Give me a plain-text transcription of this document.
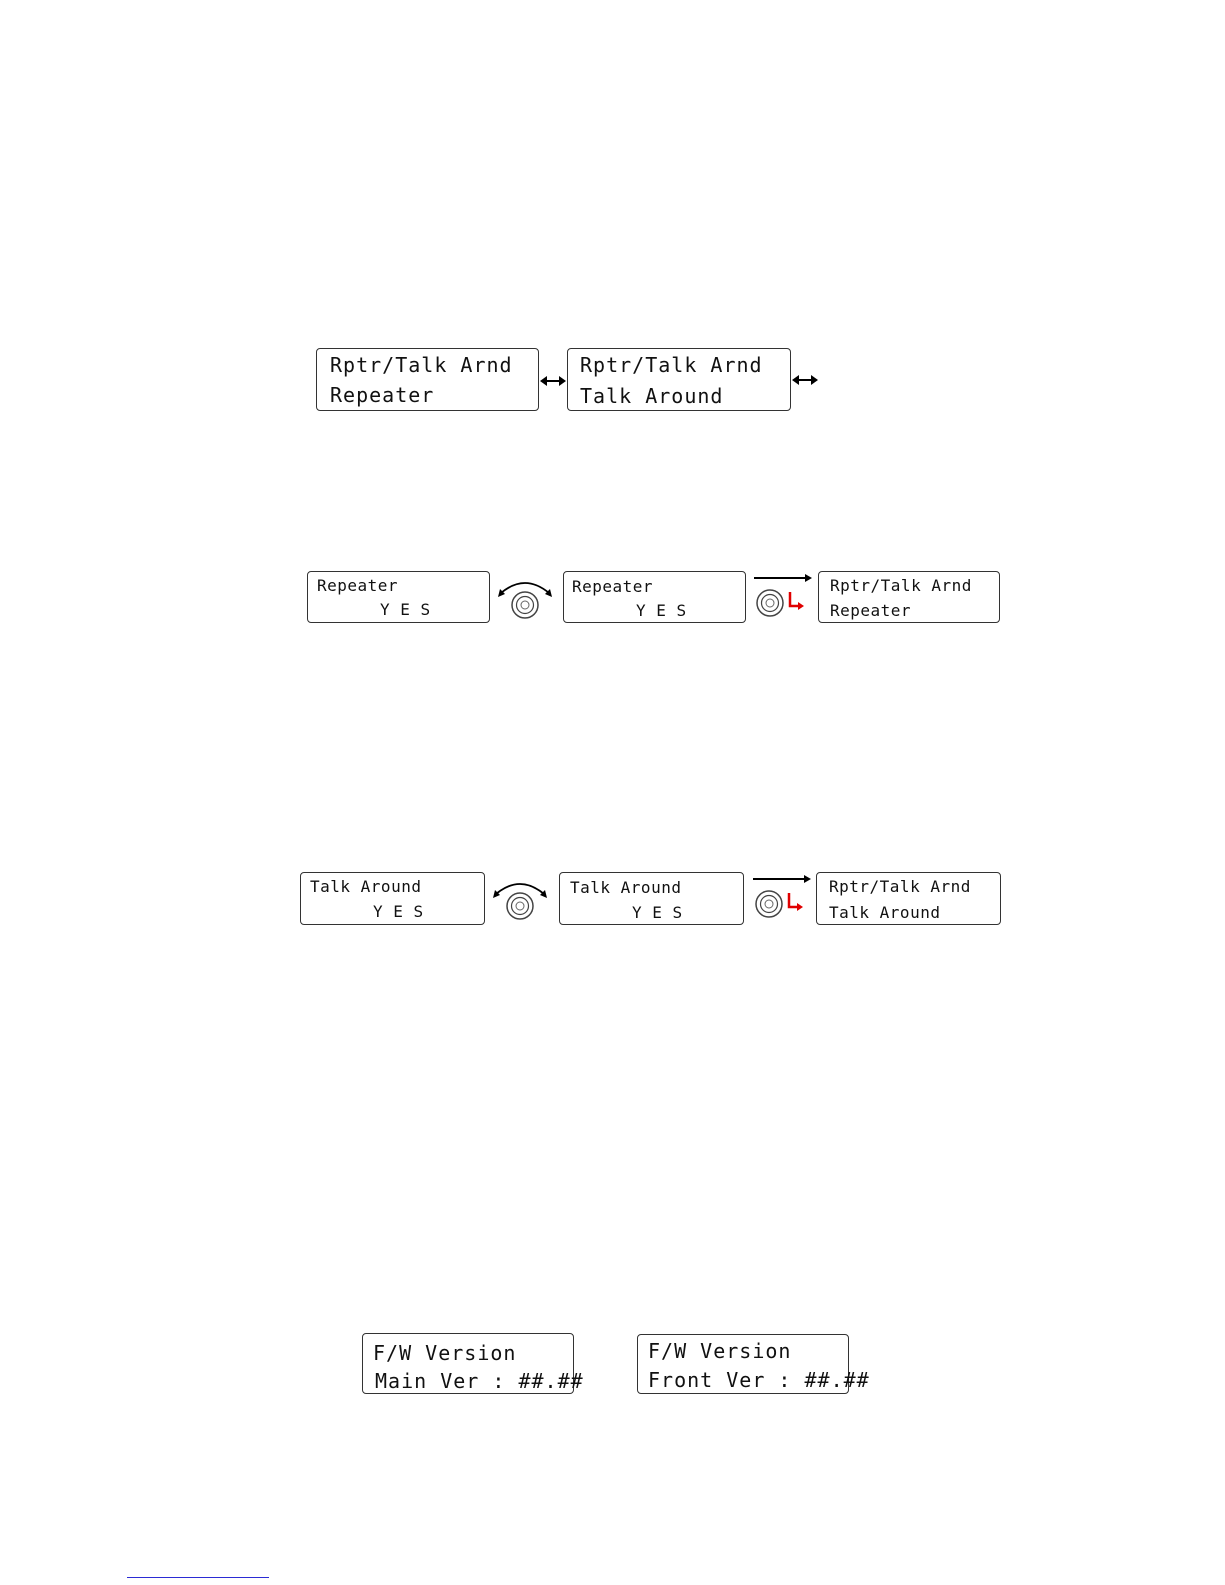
Rptr/Talk Arnd
Repeater
Rptr/Talk Arnd
Talk Around
Repeater
Y E S
Repeater
Y E S
Rptr/Talk Arnd
Repeater
Talk Around
Y E S
Talk Around
Y E S
Rptr/Talk Arnd
Talk Around
F/W Version
Main Ver : ##.##
F/W Version
Front Ver : ##.##
